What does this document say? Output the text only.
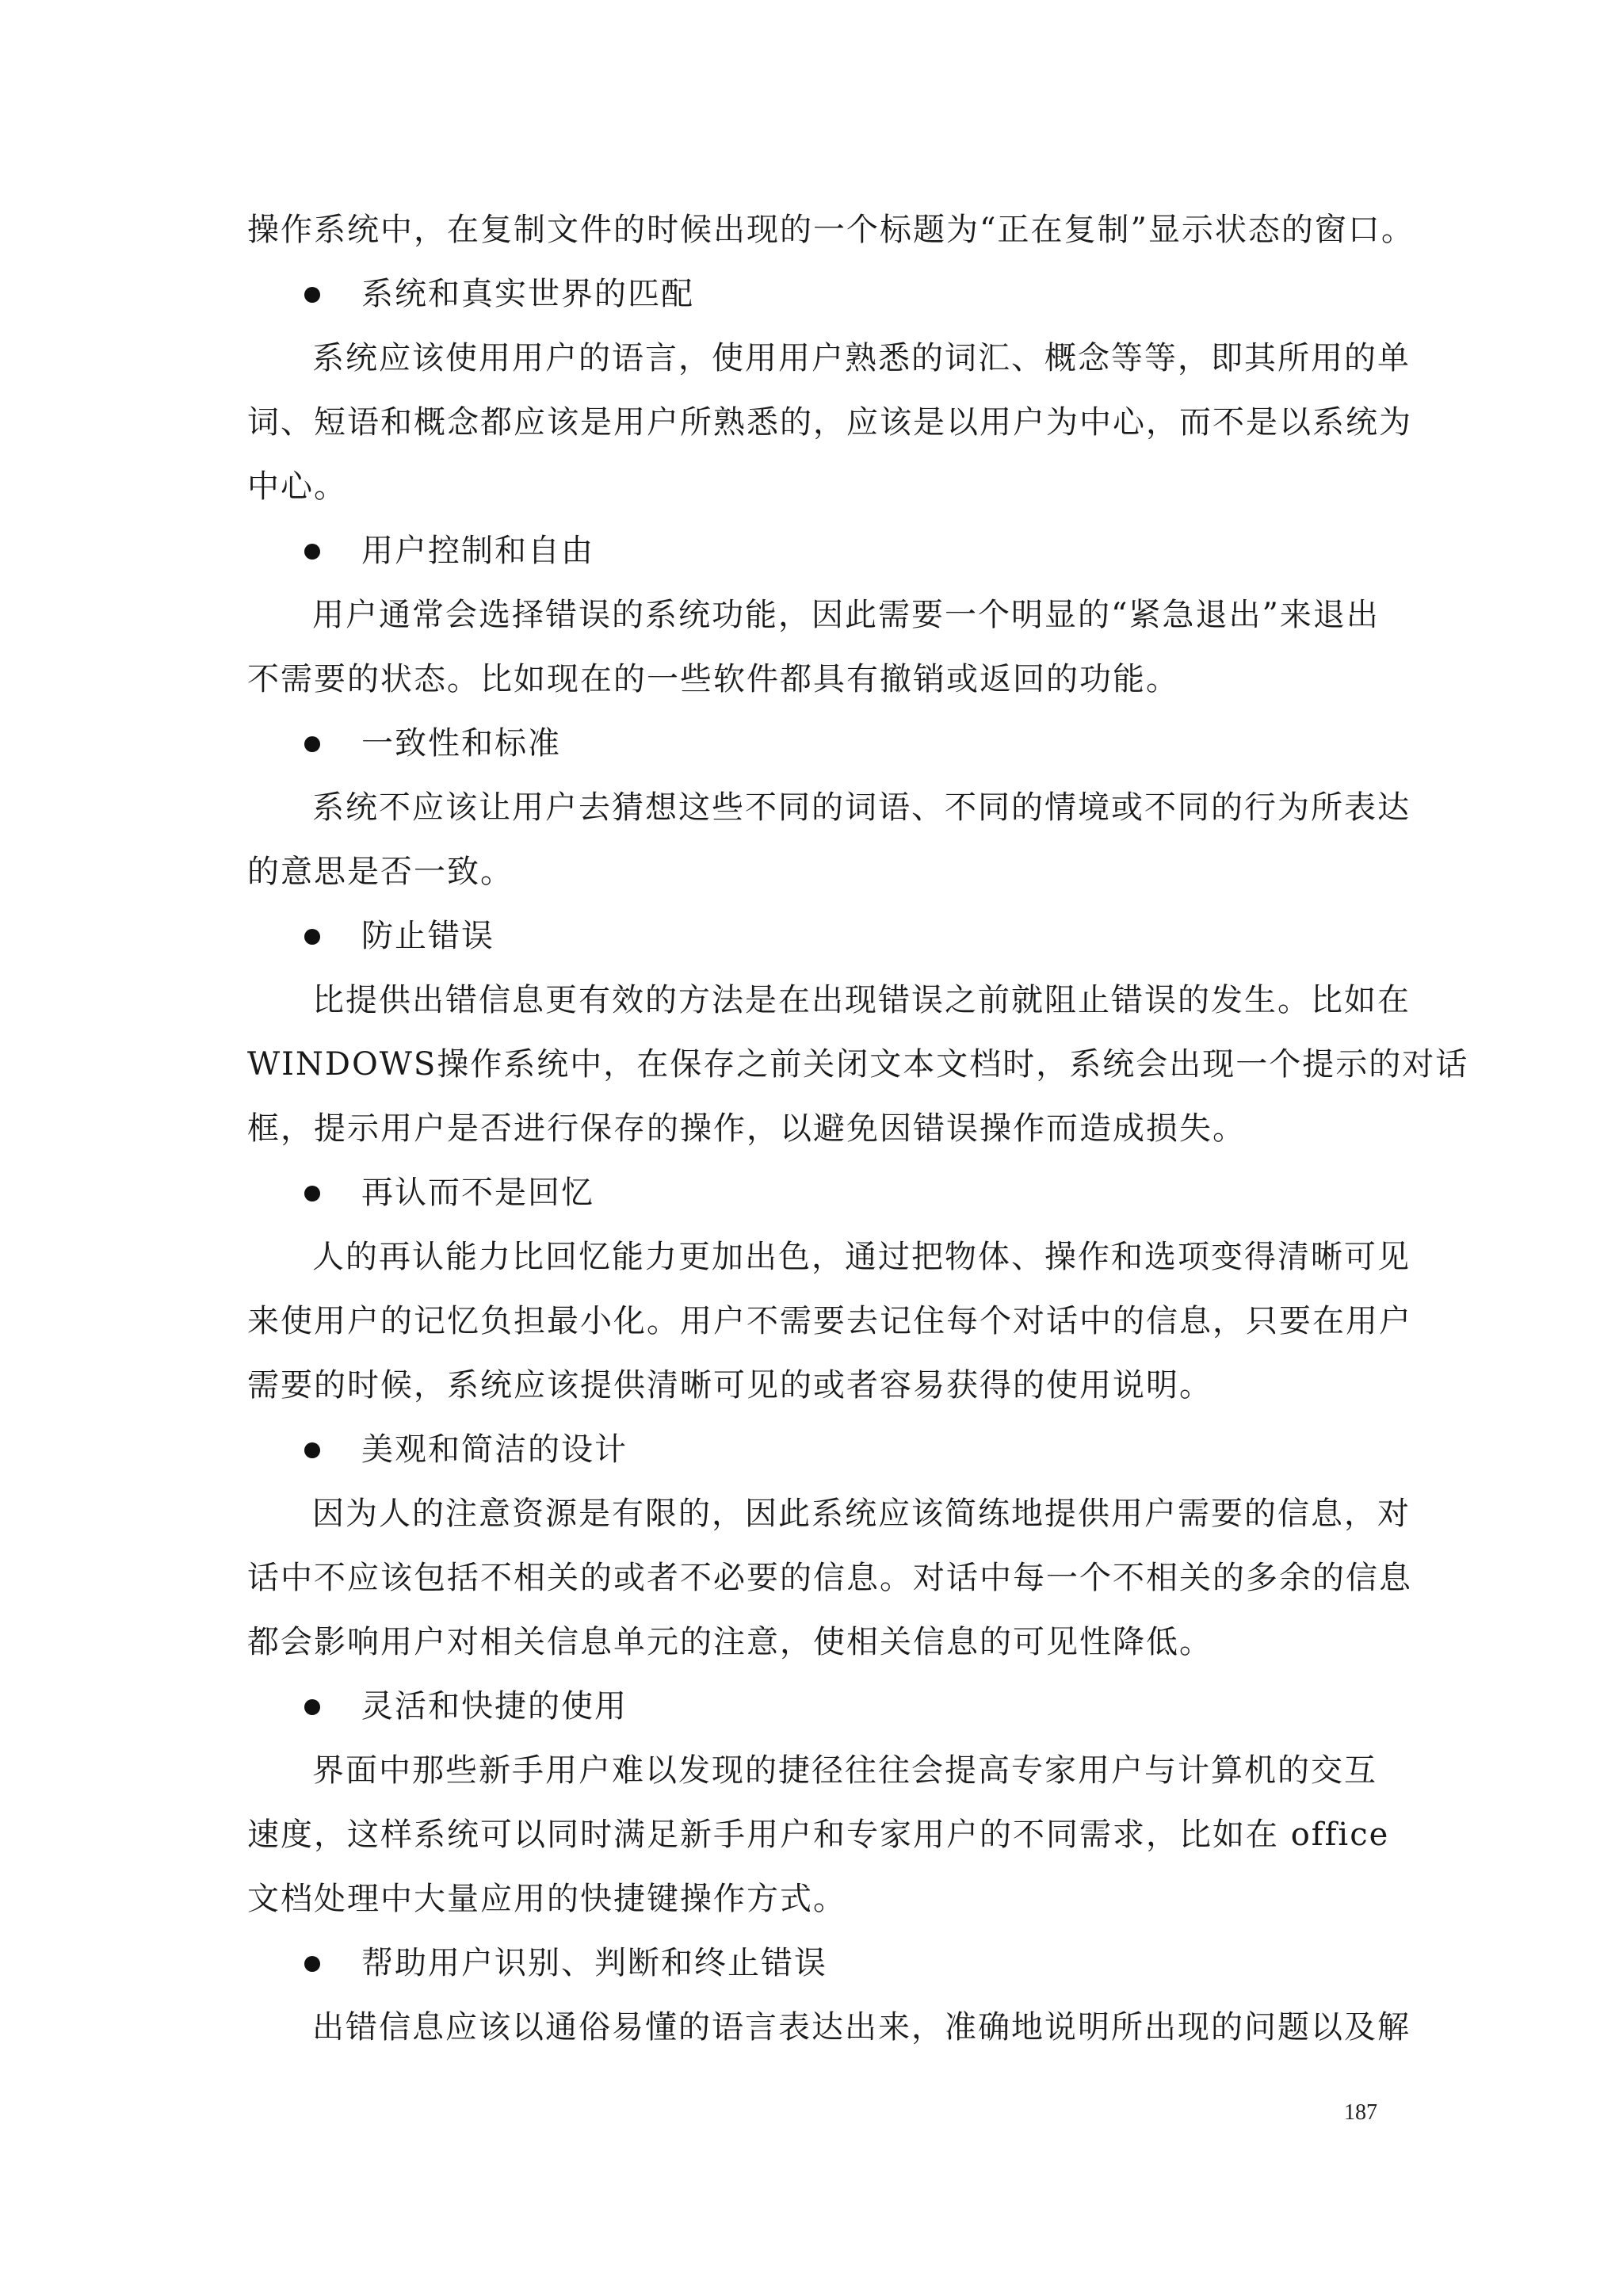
操作系统中，在复制文件的时候出现的一个标题为“正在复制”显示状态的窗口。

系统和真实世界的匹配

系统应该使用用户的语言，使用用户熟悉的词汇、概念等等，即其所用的单

词、短语和概念都应该是用户所熟悉的，应该是以用户为中心，而不是以系统为

中心。

用户控制和自由

用户通常会选择错误的系统功能，因此需要一个明显的“紧急退出”来退出

不需要的状态。比如现在的一些软件都具有撤销或返回的功能。

一致性和标准

系统不应该让用户去猜想这些不同的词语、不同的情境或不同的行为所表达

的意思是否一致。

防止错误

比提供出错信息更有效的方法是在出现错误之前就阻止错误的发生。比如在

WINDOWS操作系统中，在保存之前关闭文本文档时，系统会出现一个提示的对话

框，提示用户是否进行保存的操作，以避免因错误操作而造成损失。

再认而不是回忆

人的再认能力比回忆能力更加出色，通过把物体、操作和选项变得清晰可见

来使用户的记忆负担最小化。用户不需要去记住每个对话中的信息，只要在用户

需要的时候，系统应该提供清晰可见的或者容易获得的使用说明。

美观和简洁的设计

因为人的注意资源是有限的，因此系统应该简练地提供用户需要的信息，对

话中不应该包括不相关的或者不必要的信息。对话中每一个不相关的多余的信息

都会影响用户对相关信息单元的注意，使相关信息的可见性降低。

灵活和快捷的使用

界面中那些新手用户难以发现的捷径往往会提高专家用户与计算机的交互

速度，这样系统可以同时满足新手用户和专家用户的不同需求，比如在 office

文档处理中大量应用的快捷键操作方式。

帮助用户识别、判断和终止错误

出错信息应该以通俗易懂的语言表达出来，准确地说明所出现的问题以及解

187
